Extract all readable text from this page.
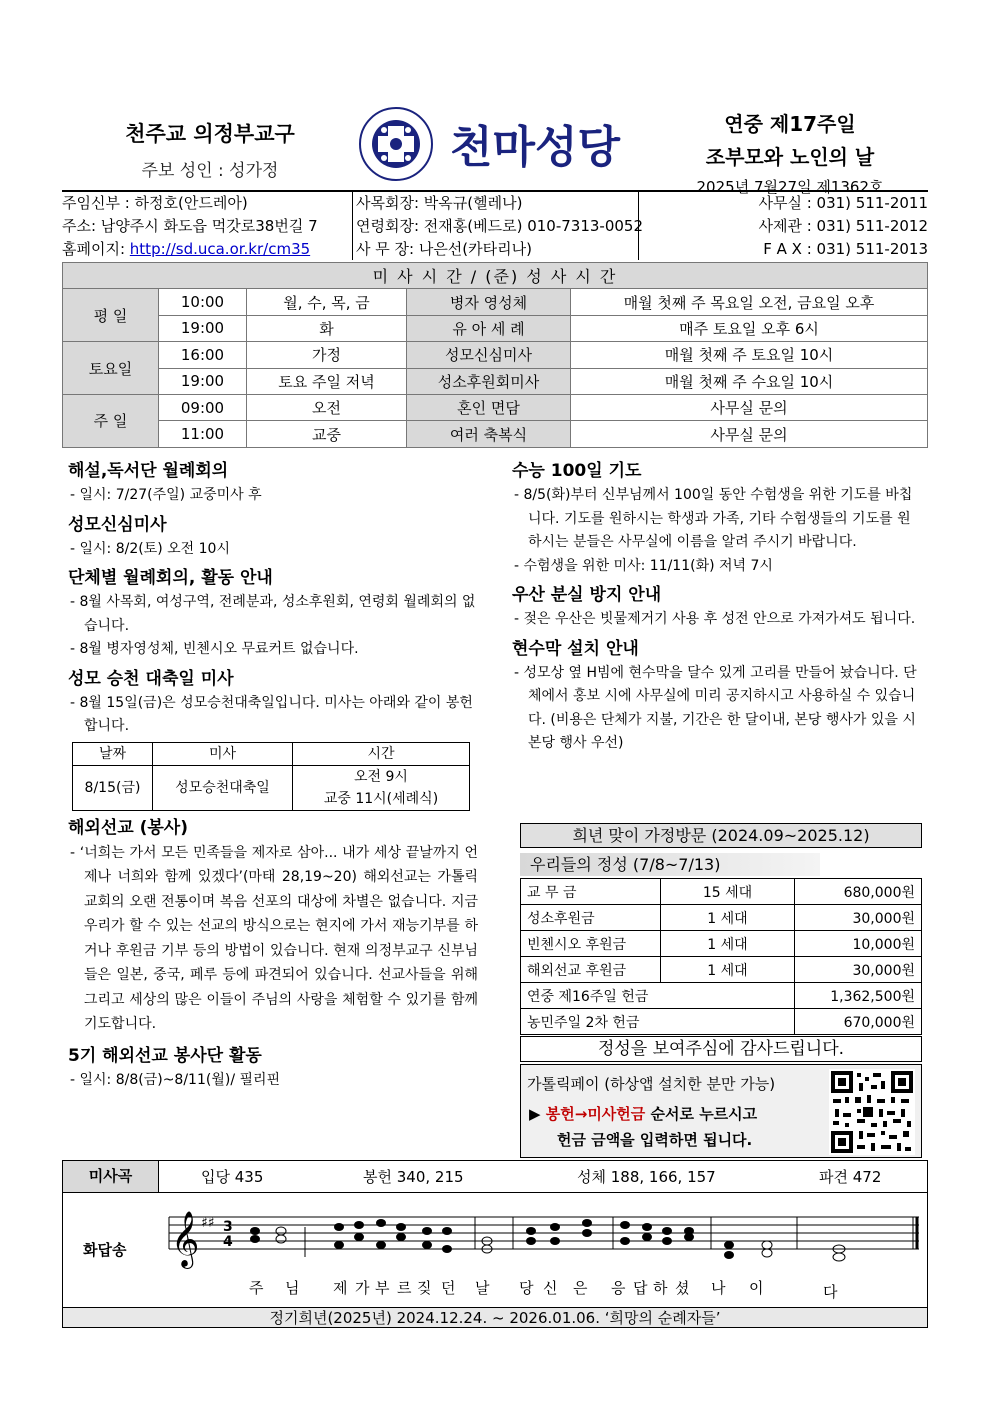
천주교 의정부교구
주보 성인 : 성가정	천마성당	연중 제17주일
조부모와 노인의 날
2025년 7월27일 제1362호
주임신부 : 하정호(안드레아)
주소: 남양주시 화도읍 먹갓로38번길 7
홈페이지: http://sd.uca.or.kr/cm35
사목회장: 박옥규(헬레나)
연령회장: 전재홍(베드로) 010-7313-0052
사 무 장: 나은선(카타리나)
사무실 : 031) 511-2011
사제관 : 031) 511-2012
F A X : 031) 511-2013
미 사 시 간 / (준) 성 사 시 간				
평 일	10:00	월, 수, 목, 금	병자 영성체	매월 첫째 주 목요일 오전, 금요일 오후
	19:00	화	유 아 세 례	매주 토요일 오후 6시
토요일	16:00	가정	성모신심미사	매월 첫째 주 토요일 10시
	19:00	토요 주일 저녁	성소후원회미사	매월 첫째 주 수요일 10시
주 일	09:00	오전	혼인 면담	사무실 문의
	11:00	교중	여러 축복식	사무실 문의
해설,독서단 월례회의
- 일시: 7/27(주일) 교중미사 후
성모신심미사
- 일시: 8/2(토) 오전 10시
단체별 월례회의, 활동 안내
- 8월 사목회, 여성구역, 전례분과, 성소후원회, 연령회 월례회의 없습니다.
- 8월 병자영성체, 빈첸시오 무료커트 없습니다.
성모 승천 대축일 미사
- 8월 15일(금)은 성모승천대축일입니다. 미사는 아래와 같이 봉헌합니다.
날짜	미사	시간
8/15(금)	성모승천대축일	오전 9시
교중 11시(세례식)
해외선교 (봉사)
- ‘너희는 가서 모든 민족들을 제자로 삼아... 내가 세상 끝날까지 언제나 너희와 함께 있겠다’(마태 28,19~20) 해외선교는 가톨릭교회의 오랜 전통이며 복음 선포의 대상에 차별은 없습니다. 지금 우리가 할 수 있는 선교의 방식으로는 현지에 가서 재능기부를 하거나 후원금 기부 등의 방법이 있습니다. 현재 의정부교구 신부님들은 일본, 중국, 페루 등에 파견되어 있습니다. 선교사들을 위해 그리고 세상의 많은 이들이 주님의 사랑을 체험할 수 있기를 함께 기도합니다.
5기 해외선교 봉사단 활동
- 일시: 8/8(금)~8/11(월)/ 필리핀
수능 100일 기도
- 8/5(화)부터 신부님께서 100일 동안 수험생을 위한 기도를 바칩니다. 기도를 원하시는 학생과 가족, 기타 수험생들의 기도를 원하시는 분들은 사무실에 이름을 알려 주시기 바랍니다.
- 수험생을 위한 미사: 11/11(화) 저녁 7시
우산 분실 방지 안내
- 젖은 우산은 빗물제거기 사용 후 성전 안으로 가져가셔도 됩니다.
현수막 설치 안내
- 성모상 옆 H빔에 현수막을 달수 있게 고리를 만들어 놨습니다. 단체에서 홍보 시에 사무실에 미리 공지하시고 사용하실 수 있습니다. (비용은 단체가 지불, 기간은 한 달이내, 본당 행사가 있을 시 본당 행사 우선)
희년 맞이 가정방문 (2024.09~2025.12)
우리들의 정성 (7/8~7/13)
교 무 금	15 세대	680,000원
성소후원금	1 세대	30,000원
빈첸시오 후원금	1 세대	10,000원
해외선교 후원금	1 세대	30,000원
연중 제16주일 헌금		1,362,500원
농민주일 2차 헌금		670,000원
정성을 보여주심에 감사드립니다.
가톨릭페이 (하상앱 설치한 분만 가능)
▶ 봉헌→미사헌금 순서로 누르시고
헌금 금액을 입력하면 됩니다.
미사곡	입당 435	봉헌 340, 215	성체 188, 166, 157	파견 472
화답송 𝄞 ♯♯ 3
4
주 님 제 가 부 르 짖 던 날 당 신 은 응 답 하 셨 나 이	다
정기희년(2025년) 2024.12.24. ~ 2026.01.06. ‘희망의 순례자들’
